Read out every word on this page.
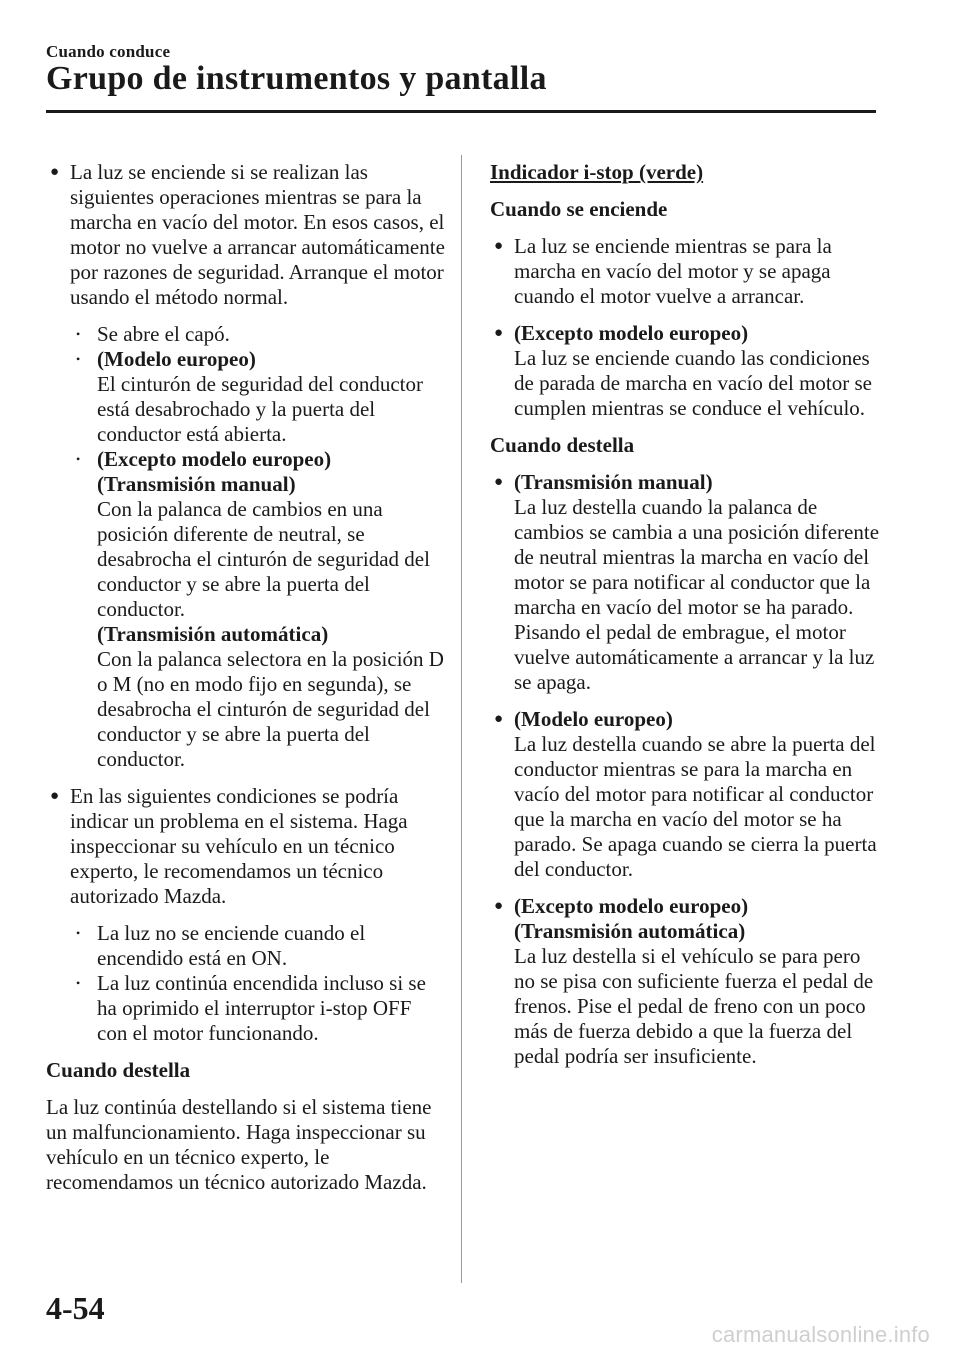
Cuando conduce
Grupo de instrumentos y pantalla
● La luz se enciende si se realizan las siguientes operaciones mientras se para la marcha en vacío del motor. En esos casos, el motor no vuelve a arrancar automáticamente por razones de seguridad. Arranque el motor usando el método normal.
• Se abre el capó.
• (Modelo europeo)
El cinturón de seguridad del conductor está desabrochado y la puerta del conductor está abierta.
• (Excepto modelo europeo)
(Transmisión manual)
Con la palanca de cambios en una posición diferente de neutral, se desabrocha el cinturón de seguridad del conductor y se abre la puerta del conductor.
(Transmisión automática)
Con la palanca selectora en la posición D o M (no en modo fijo en segunda), se desabrocha el cinturón de seguridad del conductor y se abre la puerta del conductor.
● En las siguientes condiciones se podría indicar un problema en el sistema. Haga inspeccionar su vehículo en un técnico experto, le recomendamos un técnico autorizado Mazda.
• La luz no se enciende cuando el encendido está en ON.
• La luz continúa encendida incluso si se ha oprimido el interruptor i-stop OFF con el motor funcionando.
Cuando destella
La luz continúa destellando si el sistema tiene un malfuncionamiento. Haga inspeccionar su vehículo en un técnico experto, le recomendamos un técnico autorizado Mazda.
Indicador i-stop (verde)
Cuando se enciende
● La luz se enciende mientras se para la marcha en vacío del motor y se apaga cuando el motor vuelve a arrancar.
● (Excepto modelo europeo)
La luz se enciende cuando las condiciones de parada de marcha en vacío del motor se cumplen mientras se conduce el vehículo.
Cuando destella
● (Transmisión manual)
La luz destella cuando la palanca de cambios se cambia a una posición diferente de neutral mientras la marcha en vacío del motor se para notificar al conductor que la marcha en vacío del motor se ha parado. Pisando el pedal de embrague, el motor vuelve automáticamente a arrancar y la luz se apaga.
● (Modelo europeo)
La luz destella cuando se abre la puerta del conductor mientras se para la marcha en vacío del motor para notificar al conductor que la marcha en vacío del motor se ha parado. Se apaga cuando se cierra la puerta del conductor.
● (Excepto modelo europeo)
(Transmisión automática)
La luz destella si el vehículo se para pero no se pisa con suficiente fuerza el pedal de frenos. Pise el pedal de freno con un poco más de fuerza debido a que la fuerza del pedal podría ser insuficiente.
4-54
carmanualsonline.info
